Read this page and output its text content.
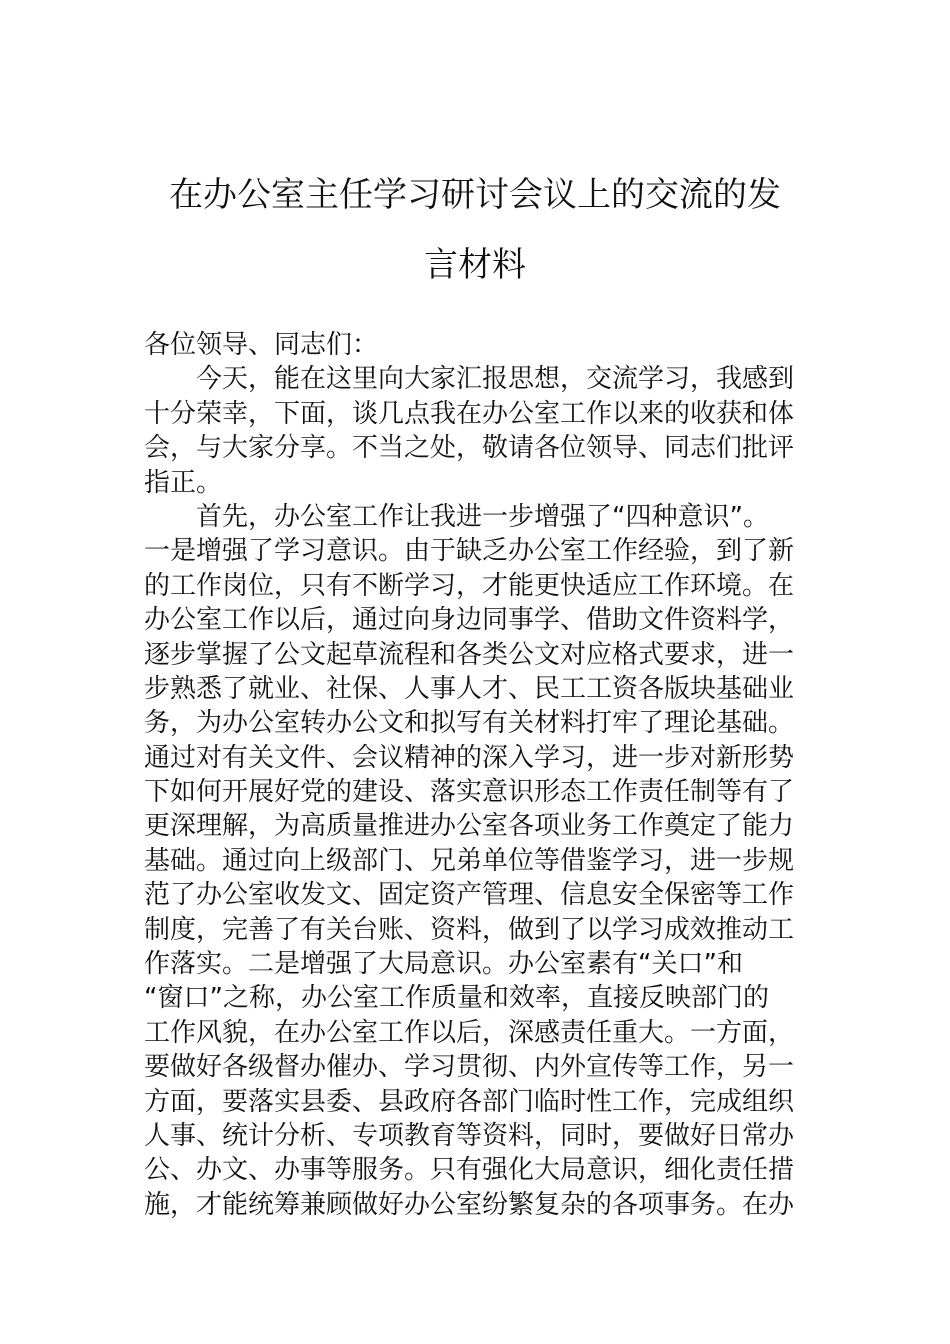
在办公室主任学习研讨会议上的交流的发
言材料
各位领导、同志们：
今天，能在这里向大家汇报思想，交流学习，我感到
十分荣幸，下面，谈几点我在办公室工作以来的收获和体
会，与大家分享。不当之处，敬请各位领导、同志们批评
指正。
首先，办公室工作让我进一步增强了“四种意识”。
一是增强了学习意识。由于缺乏办公室工作经验，到了新
的工作岗位，只有不断学习，才能更快适应工作环境。在
办公室工作以后，通过向身边同事学、借助文件资料学，
逐步掌握了公文起草流程和各类公文对应格式要求，进一
步熟悉了就业、社保、人事人才、民工工资各版块基础业
务，为办公室转办公文和拟写有关材料打牢了理论基础。
通过对有关文件、会议精神的深入学习，进一步对新形势
下如何开展好党的建设、落实意识形态工作责任制等有了
更深理解，为高质量推进办公室各项业务工作奠定了能力
基础。通过向上级部门、兄弟单位等借鉴学习，进一步规
范了办公室收发文、固定资产管理、信息安全保密等工作
制度，完善了有关台账、资料，做到了以学习成效推动工
作落实。二是增强了大局意识。办公室素有“关口”和
“窗口”之称，办公室工作质量和效率，直接反映部门的
工作风貌，在办公室工作以后，深感责任重大。一方面，
要做好各级督办催办、学习贯彻、内外宣传等工作，另一
方面，要落实县委、县政府各部门临时性工作，完成组织
人事、统计分析、专项教育等资料，同时，要做好日常办
公、办文、办事等服务。只有强化大局意识，细化责任措
施，才能统筹兼顾做好办公室纷繁复杂的各项事务。在办
